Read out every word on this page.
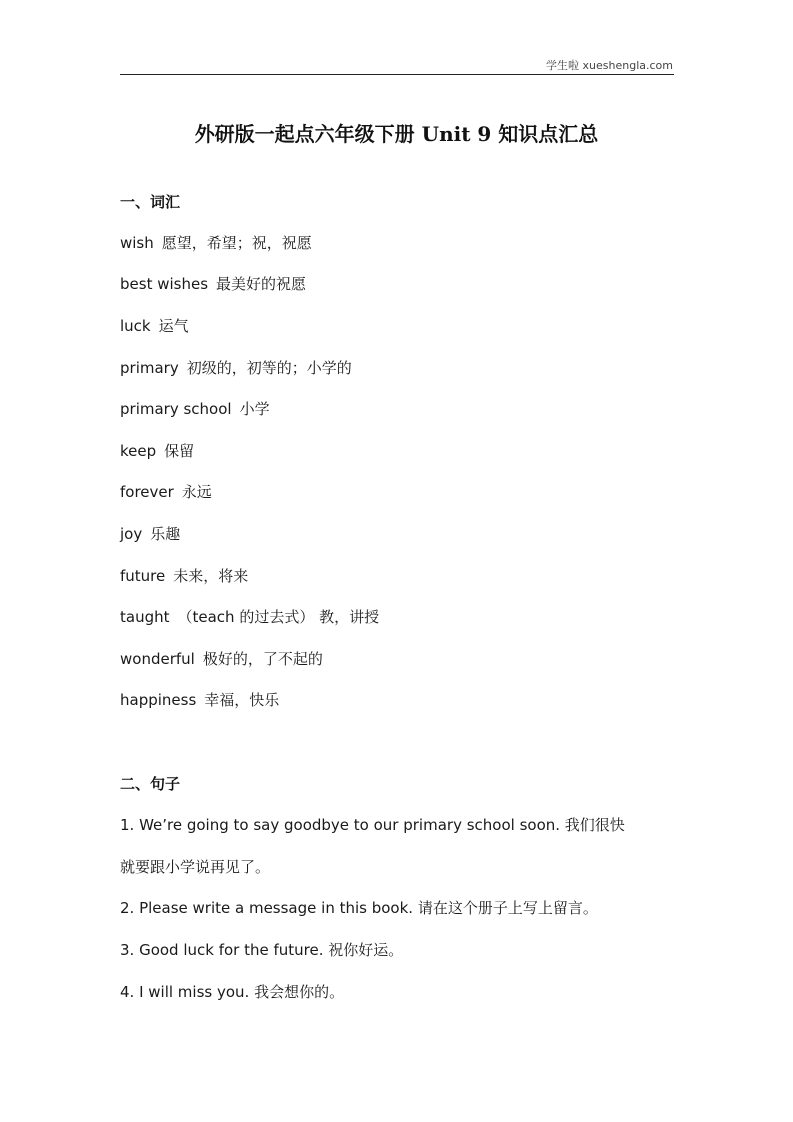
学生啦 xueshengla.com
外研版一起点六年级下册 Unit 9 知识点汇总
一、词汇
wish 愿望，希望；祝，祝愿
best wishes 最美好的祝愿
luck 运气
primary 初级的，初等的；小学的
primary school 小学
keep 保留
forever 永远
joy 乐趣
future 未来，将来
taught （teach 的过去式） 教，讲授
wonderful 极好的，了不起的
happiness 幸福，快乐
二、句子
1. We’re going to say goodbye to our primary school soon. 我们很快
就要跟小学说再见了。
2. Please write a message in this book. 请在这个册子上写上留言。
3. Good luck for the future. 祝你好运。
4. I will miss you. 我会想你的。
